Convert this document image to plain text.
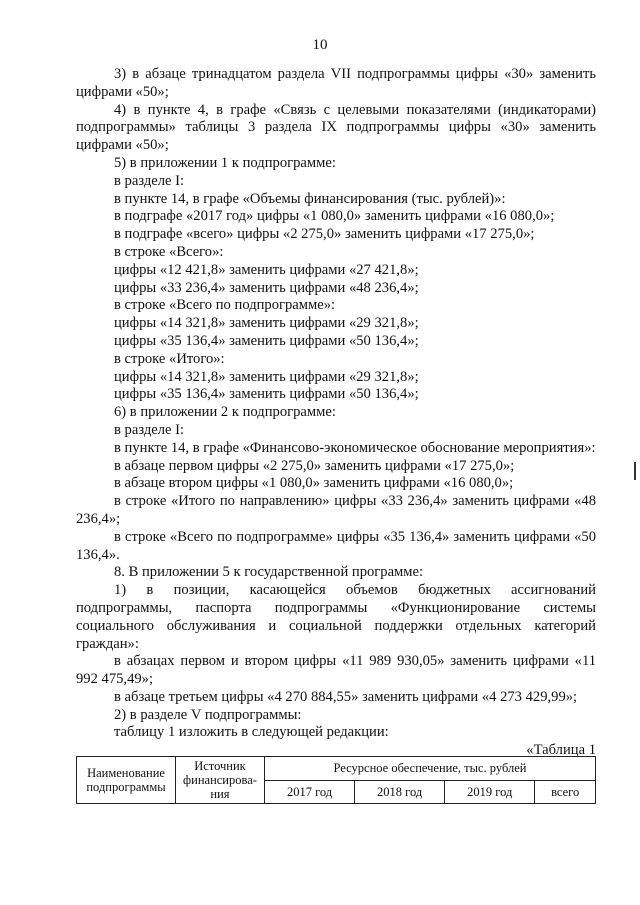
10

3) в абзаце тринадцатом раздела VII подпрограммы цифры «30» заменить цифрами «50»;

4) в пункте 4, в графе «Связь с целевыми показателями (индикаторами) подпрограммы» таблицы 3 раздела IX подпрограммы цифры «30» заменить цифрами «50»;

5) в приложении 1 к подпрограмме:

в разделе I:

в пункте 14, в графе «Объемы финансирования (тыс. рублей)»:

в подграфе «2017 год» цифры «1 080,0» заменить цифрами «16 080,0»;

в подграфе «всего» цифры «2 275,0» заменить цифрами «17 275,0»;

в строке «Всего»:

цифры «12 421,8» заменить цифрами «27 421,8»;

цифры «33 236,4» заменить цифрами «48 236,4»;

в строке «Всего по подпрограмме»:

цифры «14 321,8» заменить цифрами «29 321,8»;

цифры «35 136,4» заменить цифрами «50 136,4»;

в строке «Итого»:

цифры «14 321,8» заменить цифрами «29 321,8»;

цифры «35 136,4» заменить цифрами «50 136,4»;

6) в приложении 2 к подпрограмме:

в разделе I:

в пункте 14, в графе «Финансово-экономическое обоснование мероприятия»:

в абзаце первом цифры «2 275,0» заменить цифрами «17 275,0»;

в абзаце втором цифры «1 080,0» заменить цифрами «16 080,0»;

в строке «Итого по направлению» цифры «33 236,4» заменить цифрами «48 236,4»;

в строке «Всего по подпрограмме» цифры «35 136,4» заменить цифрами «50 136,4».

8. В приложении 5 к государственной программе:

1) в позиции, касающейся объемов бюджетных ассигнований подпрограммы, паспорта подпрограммы «Функционирование системы социального обслуживания и социальной поддержки отдельных категорий граждан»:

в абзацах первом и втором цифры «11 989 930,05» заменить цифрами «11 992 475,49»;

в абзаце третьем цифры «4 270 884,55» заменить цифрами «4 273 429,99»;

2) в разделе V подпрограммы:

таблицу 1 изложить в следующей редакции:

«Таблица 1

Наименование подпрограммы	Источник финансирова-ния	Ресурсное обеспечение, тыс. рублей			
		2017 год	2018 год	2019 год	всего
